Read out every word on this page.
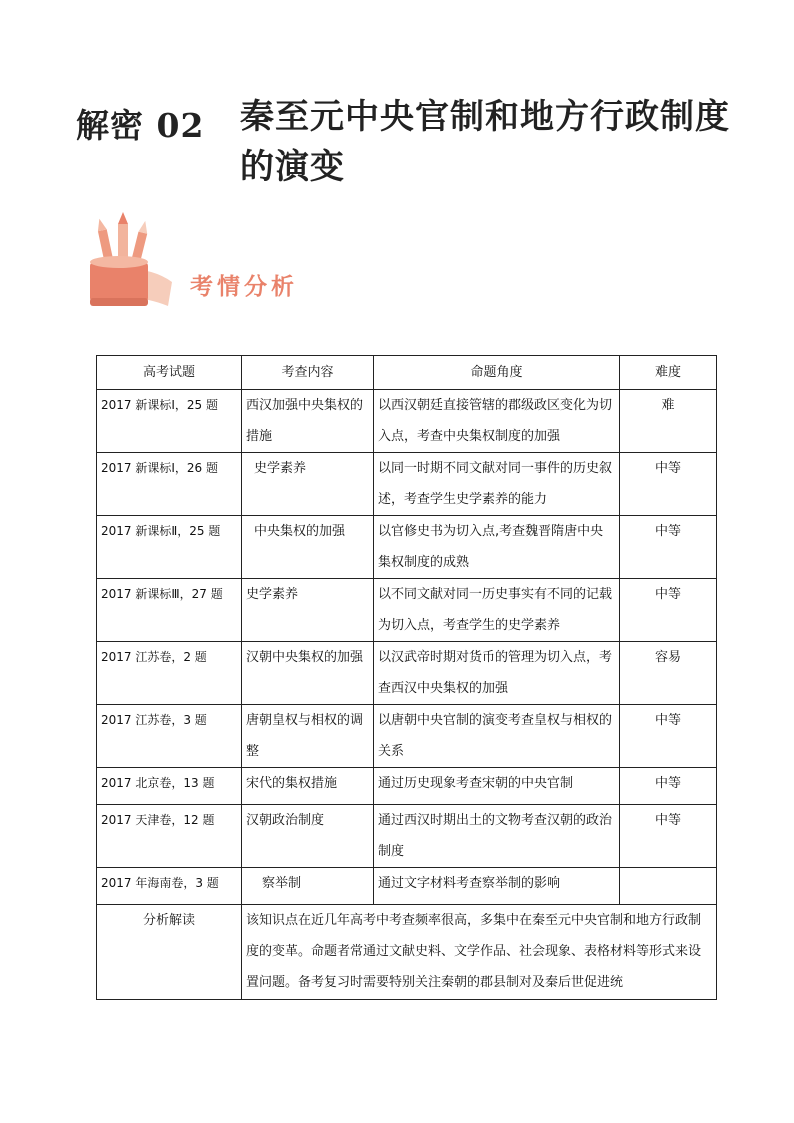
解密 02 秦至元中央官制和地方行政制度的演变
考情分析
高考试题	考查内容	命题角度	难度
2017 新课标Ⅰ，25 题	西汉加强中央集权的措施	以西汉朝廷直接管辖的郡级政区变化为切入点，考查中央集权制度的加强	难
2017 新课标Ⅰ，26 题	史学素养	以同一时期不同文献对同一事件的历史叙述，考查学生史学素养的能力	中等
2017 新课标Ⅱ，25 题	中央集权的加强	以官修史书为切入点,考查魏晋隋唐中央集权制度的成熟	中等
2017 新课标Ⅲ，27 题	史学素养	以不同文献对同一历史事实有不同的记载为切入点，考查学生的史学素养	中等
2017 江苏卷，2 题	汉朝中央集权的加强	以汉武帝时期对货币的管理为切入点，考查西汉中央集权的加强	容易
2017 江苏卷，3 题	唐朝皇权与相权的调整	以唐朝中央官制的演变考查皇权与相权的关系	中等
2017 北京卷，13 题	宋代的集权措施	通过历史现象考查宋朝的中央官制	中等
2017 天津卷，12 题	汉朝政治制度	通过西汉时期出土的文物考查汉朝的政治制度	中等
2017 年海南卷，3 题	察举制	通过文字材料考查察举制的影响	
分析解读	该知识点在近几年高考中考查频率很高，多集中在秦至元中央官制和地方行政制度的变革。命题者常通过文献史料、文学作品、社会现象、表格材料等形式来设置问题。备考复习时需要特别关注秦朝的郡县制对及秦后世促进统		
